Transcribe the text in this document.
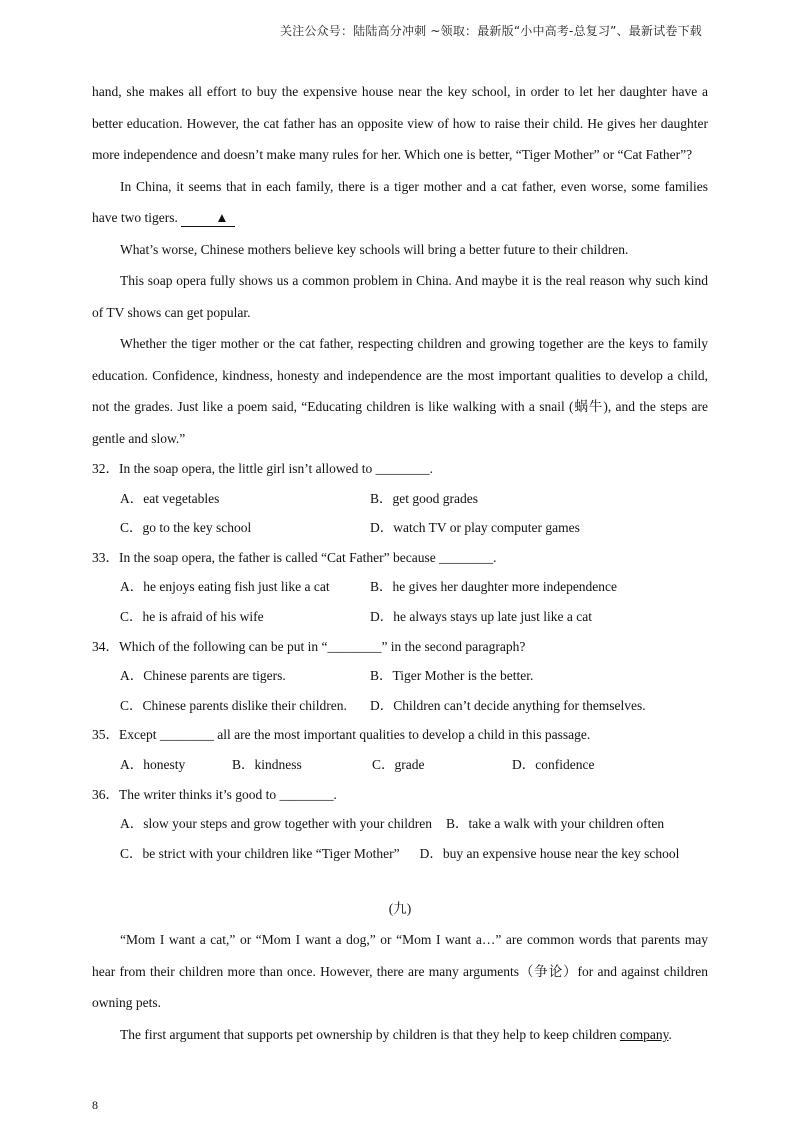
关注公众号：陆陆高分冲刺 ~领取：最新版“小中高考-总复习”、最新试卷下载

hand, she makes all effort to buy the expensive house near the key school, in order to let her daughter have a better education. However, the cat father has an opposite view of how to raise their child. He gives her daughter more independence and doesn’t make many rules for her. Which one is better, “Tiger Mother” or “Cat Father”?

In China, it seems that in each family, there is a tiger mother and a cat father, even worse, some families have two tigers.	▲

What’s worse, Chinese mothers believe key schools will bring a better future to their children.

This soap opera fully shows us a common problem in China. And maybe it is the real reason why such kind of TV shows can get popular.

Whether the tiger mother or the cat father, respecting children and growing together are the keys to family education. Confidence, kindness, honesty and independence are the most important qualities to develop a child, not the grades. Just like a poem said, “Educating children is like walking with a snail (蜗牛), and the steps are gentle and slow.”

32．In the soap opera, the little girl isn’t allowed to ________.

A．eat vegetables	B．get good grades
C．go to the key school	D．watch TV or play computer games

33．In the soap opera, the father is called “Cat Father” because ________.

A．he enjoys eating fish just like a cat	B．he gives her daughter more independence
C．he is afraid of his wife	D．he always stays up late just like a cat

34．Which of the following can be put in “________” in the second paragraph?

A．Chinese parents are tigers.	B．Tiger Mother is the better.
C．Chinese parents dislike their children.	D．Children can’t decide anything for themselves.

35．Except ________ all are the most important qualities to develop a child in this passage.

A．honesty	B．kindness	C．grade	D．confidence

36．The writer thinks it’s good to ________.

A．slow your steps and grow together with your children B．take a walk with your children often
C．be strict with your children like “Tiger Mother” D．buy an expensive house near the key school

(九)

“Mom I want a cat,” or “Mom I want a dog,” or “Mom I want a…” are common words that parents may hear from their children more than once. However, there are many arguments（争论）for and against children owning pets.

The first argument that supports pet ownership by children is that they help to keep children company.

8
